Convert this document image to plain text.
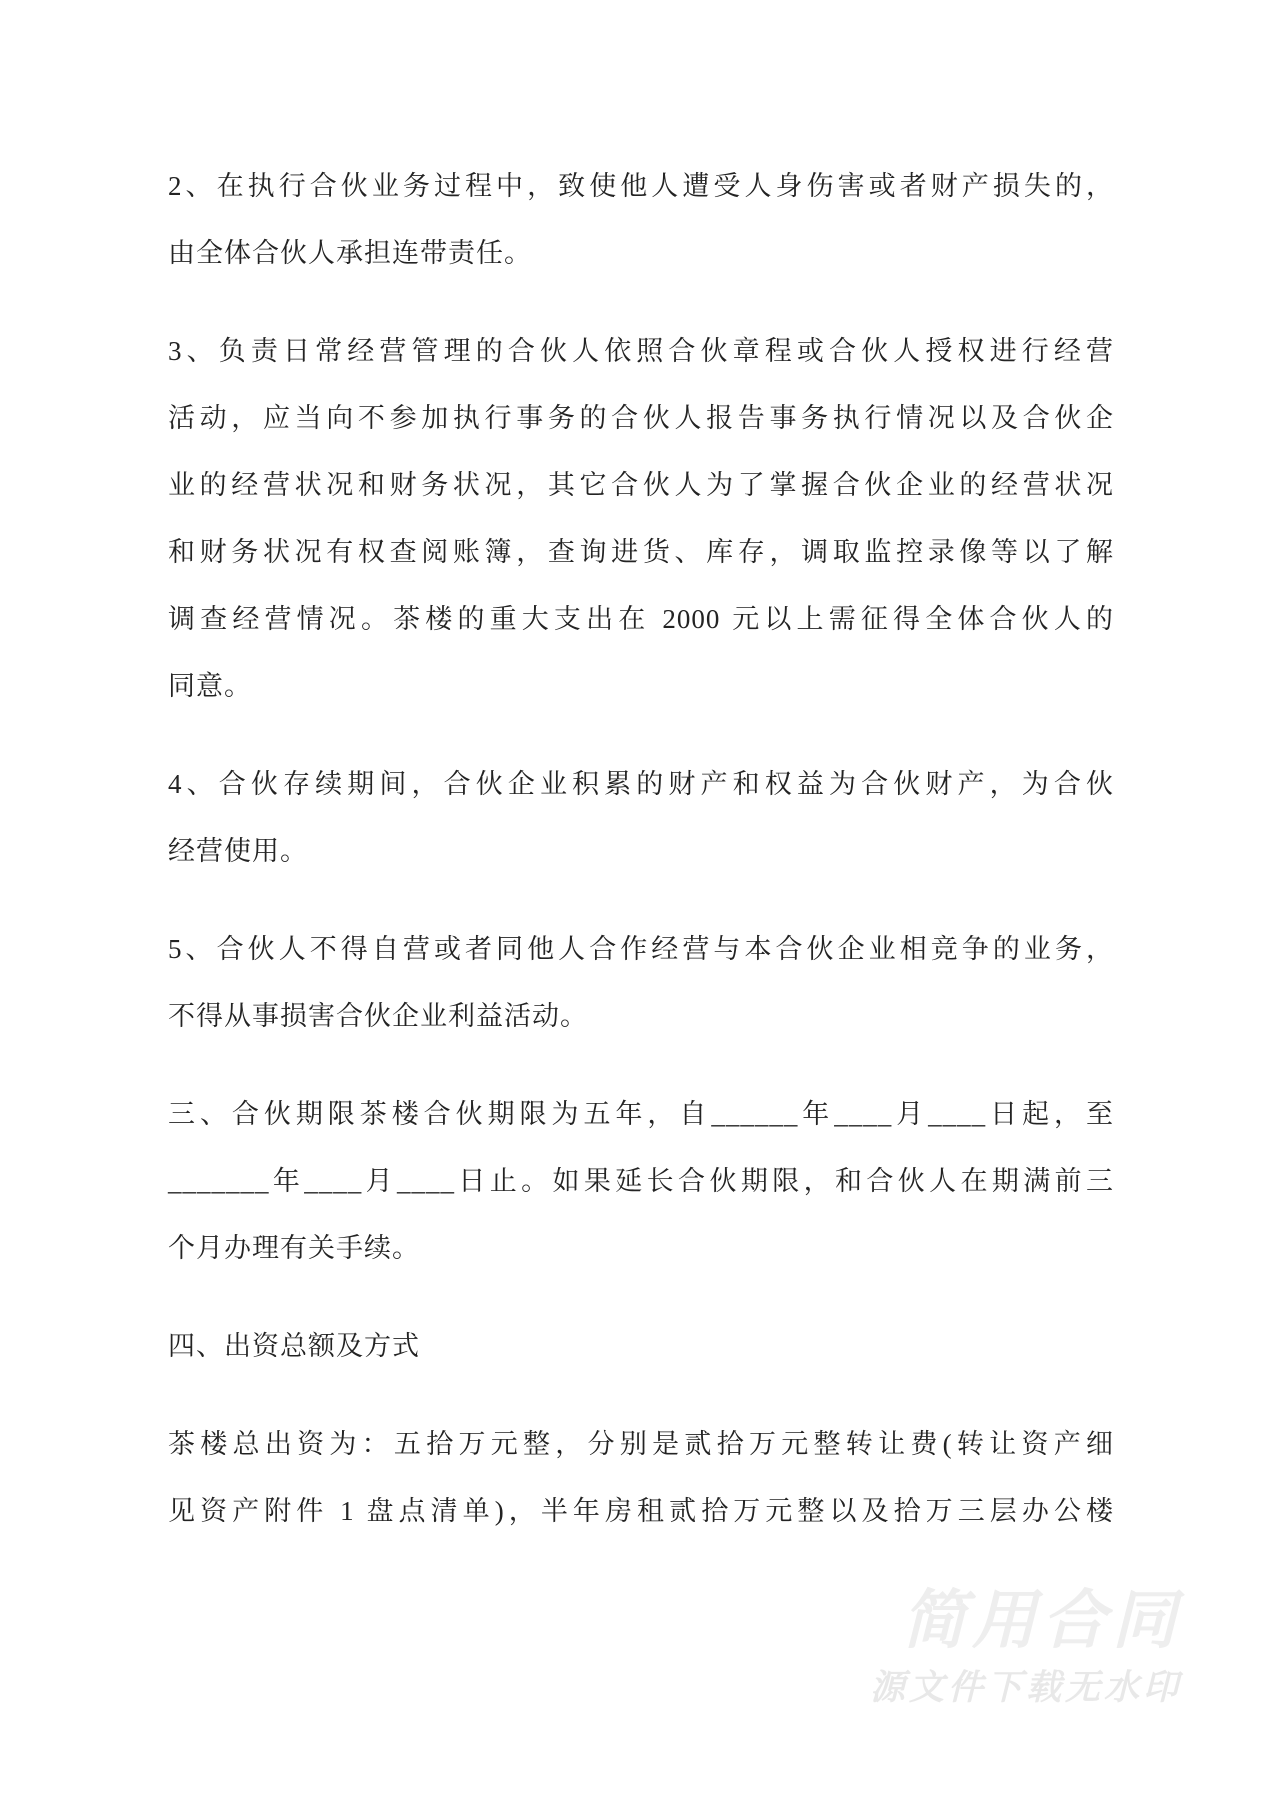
2、在执行合伙业务过程中，致使他人遭受人身伤害或者财产损失的，
由全体合伙人承担连带责任。
3、负责日常经营管理的合伙人依照合伙章程或合伙人授权进行经营
活动，应当向不参加执行事务的合伙人报告事务执行情况以及合伙企
业的经营状况和财务状况，其它合伙人为了掌握合伙企业的经营状况
和财务状况有权查阅账簿，查询进货、库存，调取监控录像等以了解
调查经营情况。茶楼的重大支出在 2000 元以上需征得全体合伙人的
同意。
4、合伙存续期间，合伙企业积累的财产和权益为合伙财产，为合伙
经营使用。
5、合伙人不得自营或者同他人合作经营与本合伙企业相竞争的业务，
不得从事损害合伙企业利益活动。
三、合伙期限茶楼合伙期限为五年，自______年____月____日起，至
_______年____月____日止。如果延长合伙期限，和合伙人在期满前三
个月办理有关手续。
四、出资总额及方式
茶楼总出资为：五拾万元整，分别是贰拾万元整转让费(转让资产细
见资产附件 1 盘点清单)，半年房租贰拾万元整以及拾万三层办公楼
简用合同
源文件下载无水印
